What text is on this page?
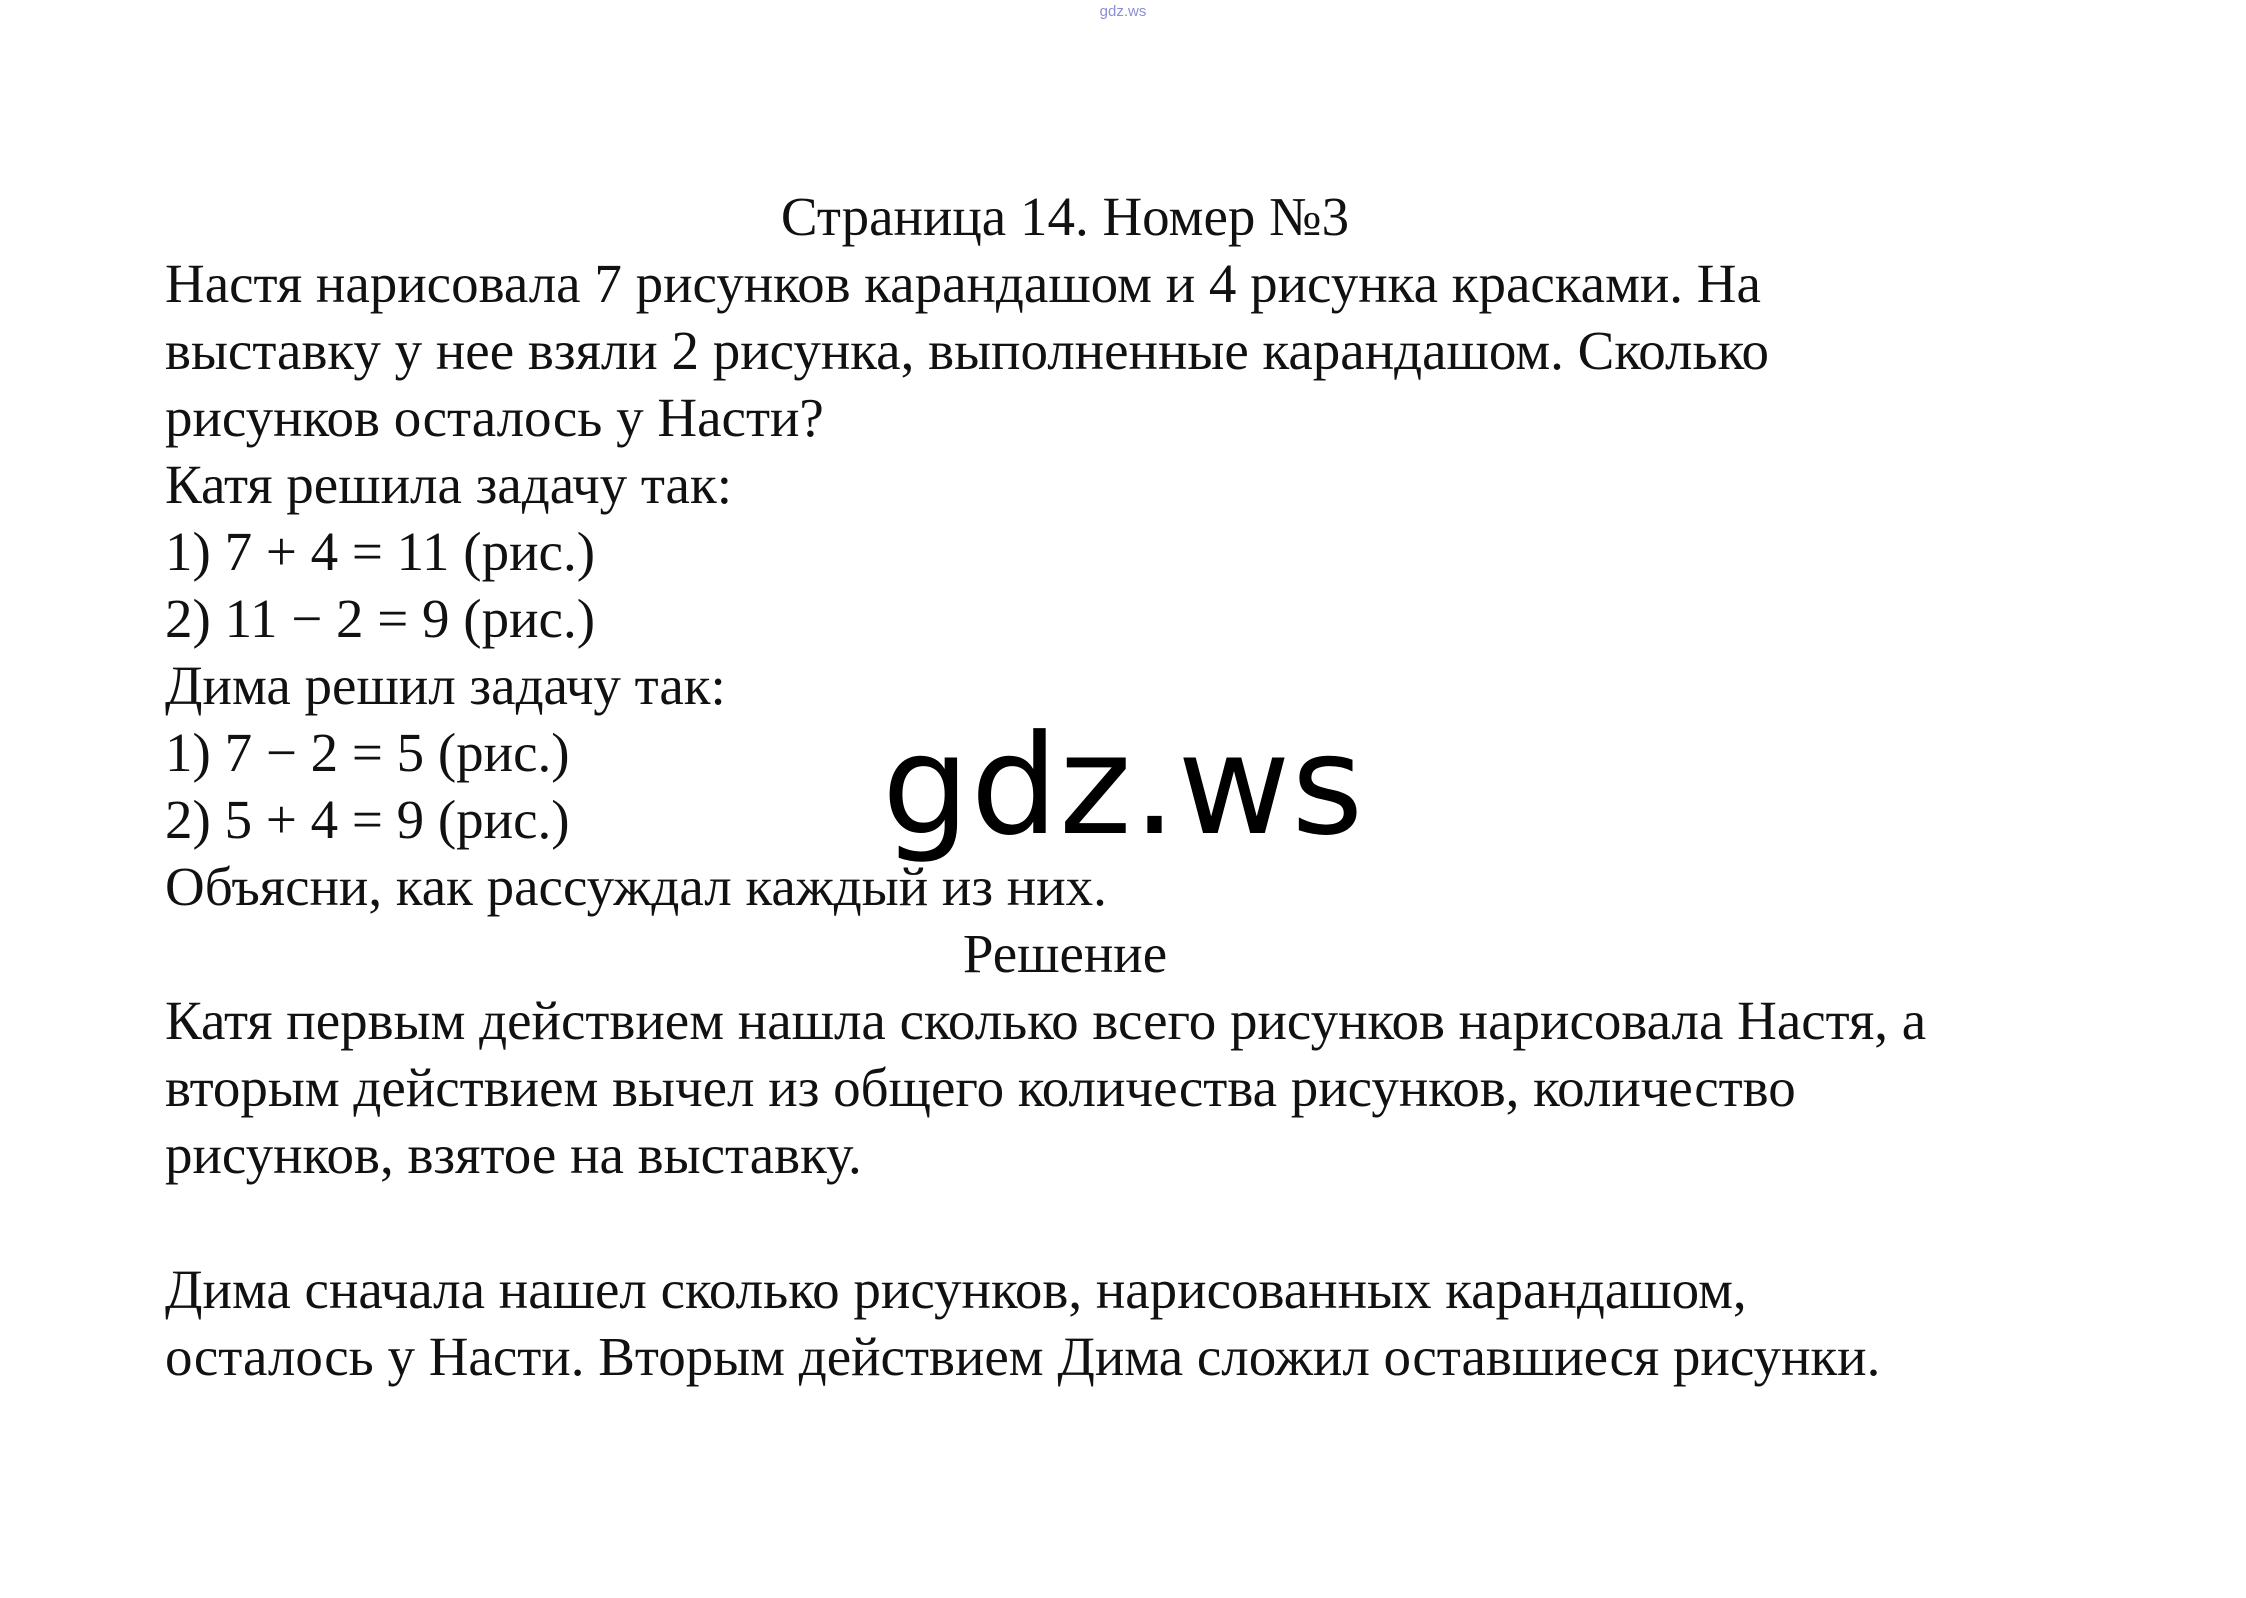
gdz.ws
Страница 14. Номер №3
Настя нарисовала 7 рисунков карандашом и 4 рисунка красками. На
выставку у нее взяли 2 рисунка, выполненные карандашом. Сколько
рисунков осталось у Насти?
Катя решила задачу так:
1) 7 + 4 = 11 (рис.)
2) 11 − 2 = 9 (рис.)
Дима решил задачу так:
1) 7 − 2 = 5 (рис.)
2) 5 + 4 = 9 (рис.)
Объясни, как рассуждал каждый из них.
Решение
Катя первым действием нашла сколько всего рисунков нарисовала Настя, а
вторым действием вычел из общего количества рисунков, количество
рисунков, взятое на выставку.
Дима сначала нашел сколько рисунков, нарисованных карандашом,
осталось у Насти. Вторым действием Дима сложил оставшиеся рисунки.
gdz.ws
